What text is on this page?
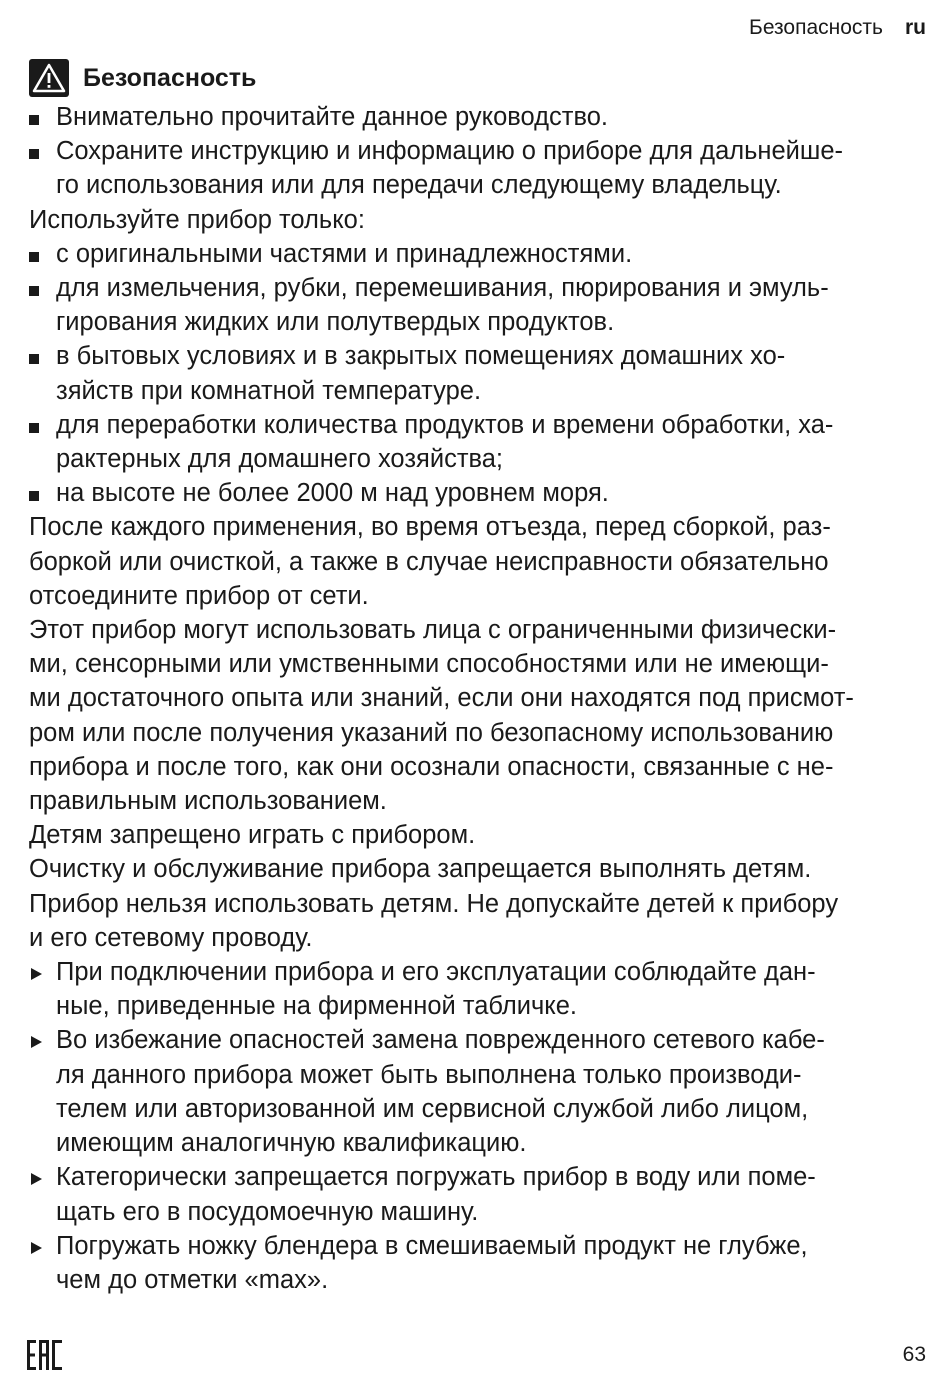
Безопасность ru
Безопасность
Внимательно прочитайте данное руководство.
Сохраните инструкцию и информацию о приборе для дальнейше-
го использования или для передачи следующему владельцу.
Используйте прибор только:
с оригинальными частями и принадлежностями.
для измельчения, рубки, перемешивания, пюрирования и эмуль-
гирования жидких или полутвердых продуктов.
в бытовых условиях и в закрытых помещениях домашних хо-
зяйств при комнатной температуре.
для переработки количества продуктов и времени обработки, ха-
рактерных для домашнего хозяйства;
на высоте не более 2000 м над уровнем моря.
После каждого применения, во время отъезда, перед сборкой, раз-
боркой или очисткой, а также в случае неисправности обязательно
отсоедините прибор от сети.
Этот прибор могут использовать лица с ограниченными физически-
ми, сенсорными или умственными способностями или не имеющи-
ми достаточного опыта или знаний, если они находятся под присмот-
ром или после получения указаний по безопасному использованию
прибора и после того, как они осознали опасности, связанные с не-
правильным использованием.
Детям запрещено играть с прибором.
Очистку и обслуживание прибора запрещается выполнять детям.
Прибор нельзя использовать детям. Не допускайте детей к прибору
и его сетевому проводу.
При подключении прибора и его эксплуатации соблюдайте дан-
ные, приведенные на фирменной табличке.
Во избежание опасностей замена поврежденного сетевого кабе-
ля данного прибора может быть выполнена только производи-
телем или авторизованной им сервисной службой либо лицом,
имеющим аналогичную квалификацию.
Категорически запрещается погружать прибор в воду или поме-
щать его в посудомоечную машину.
Погружать ножку блендера в смешиваемый продукт не глубже,
чем до отметки «max».
63
